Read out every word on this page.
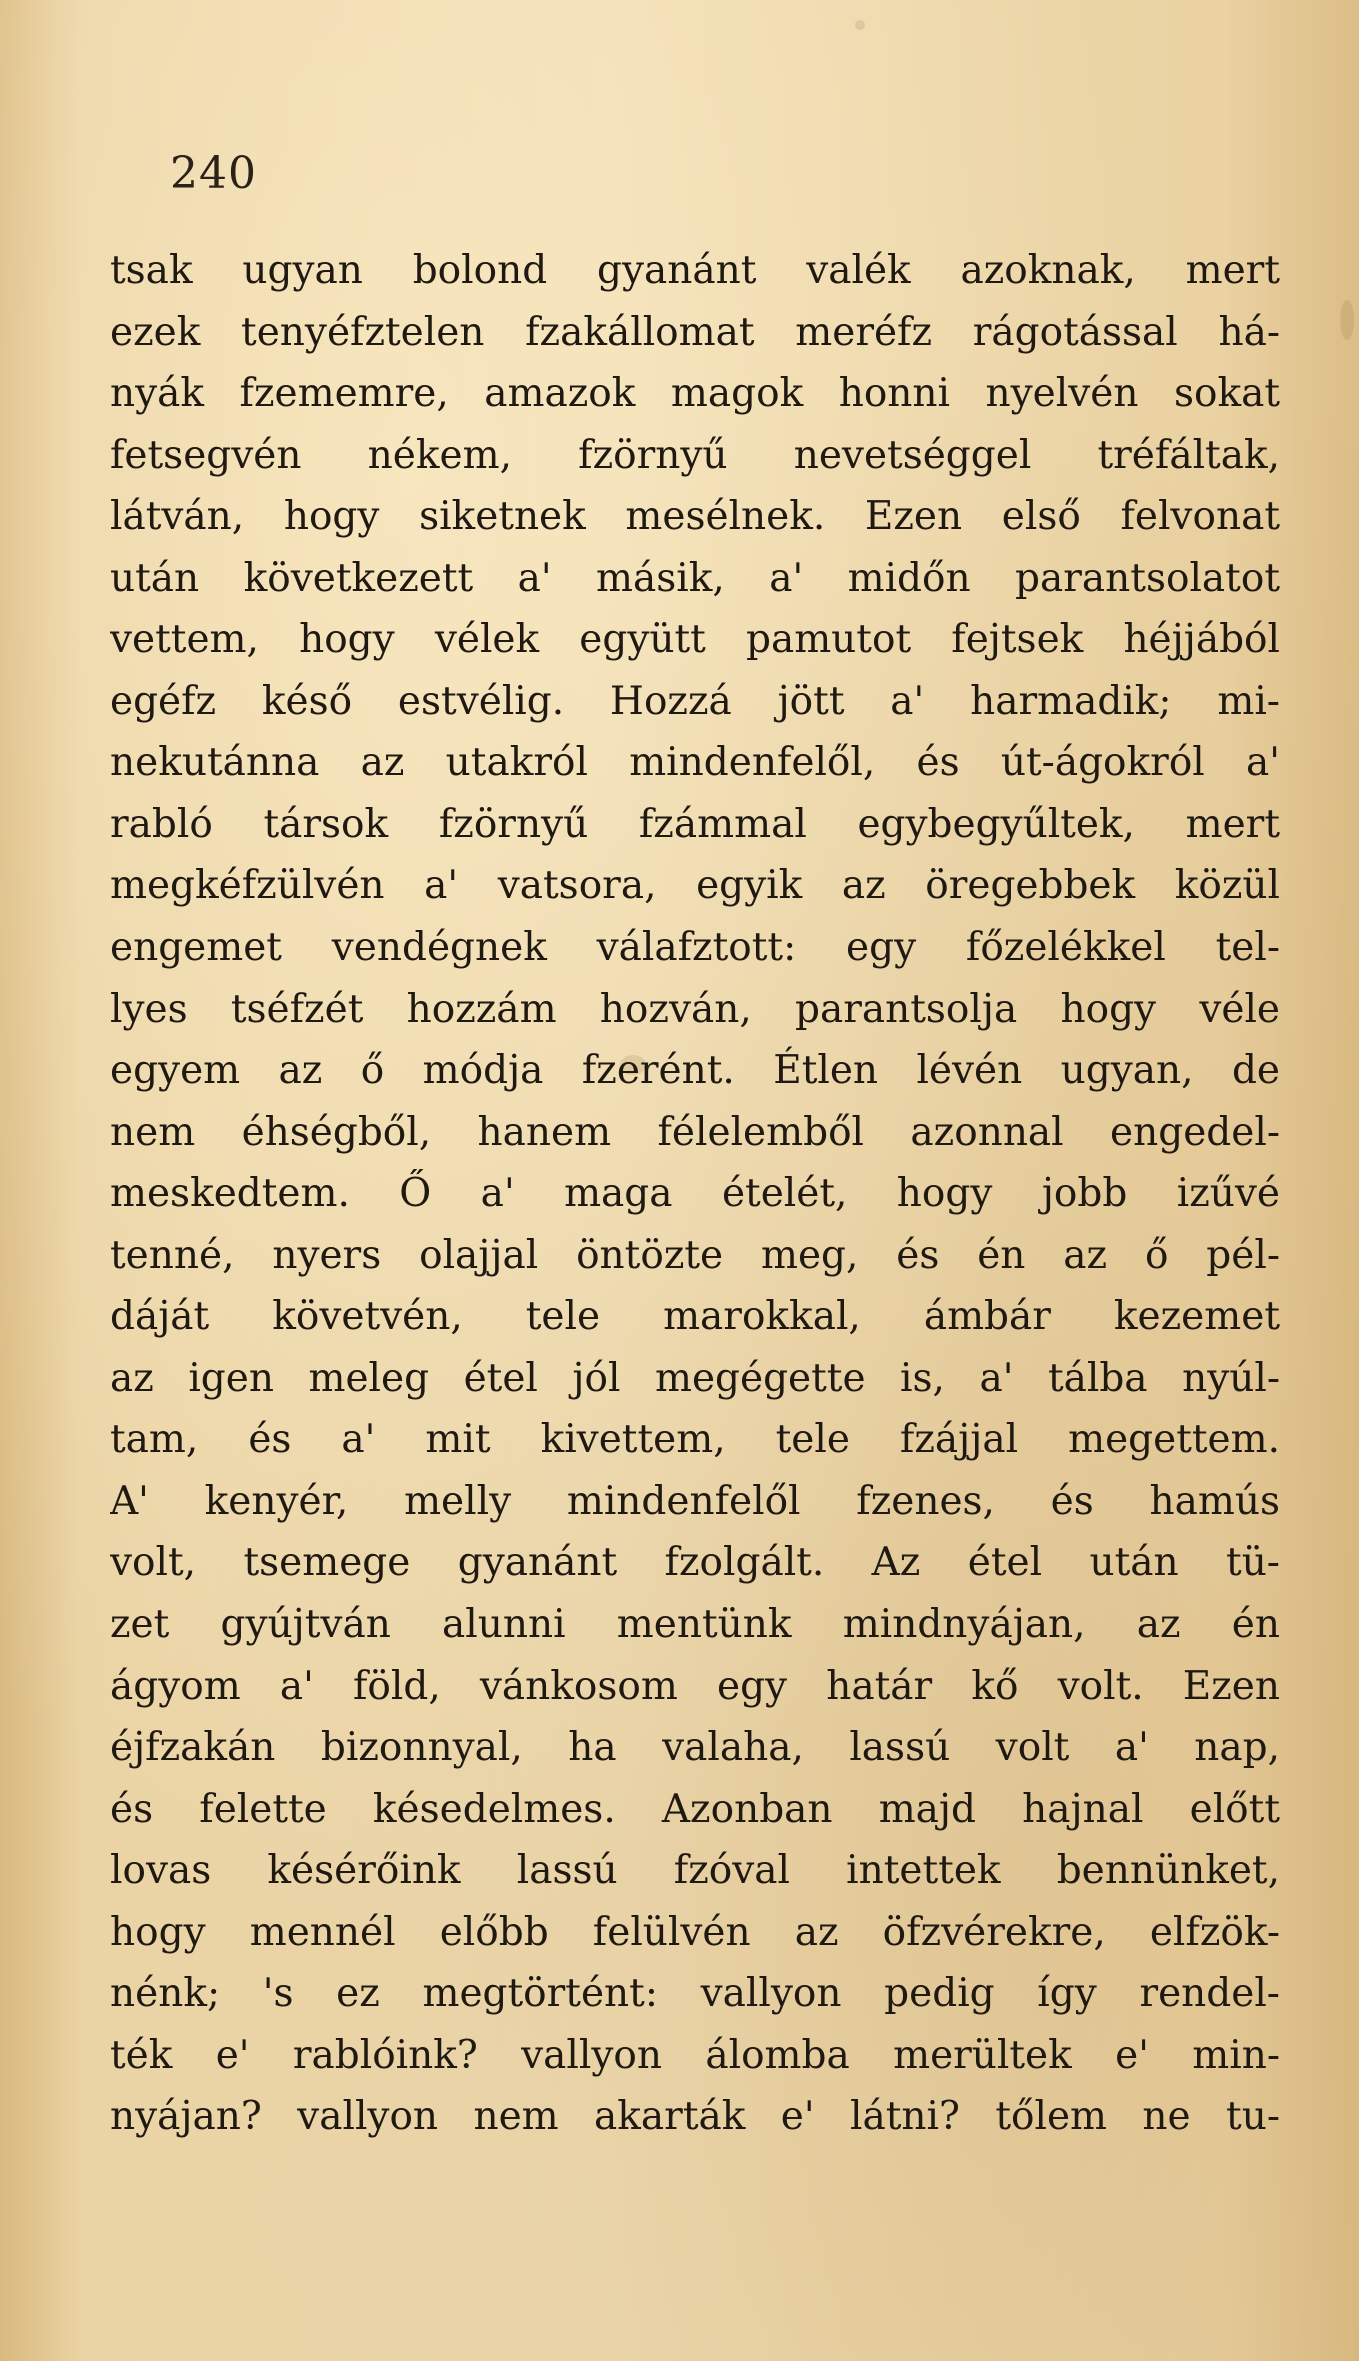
240
tsak ugyan bolond gyanánt valék azoknak, mert
ezek tenyéfztelen fzakállomat meréfz rágotással há-
nyák fzememre, amazok magok honni nyelvén sokat
fetsegvén nékem, fzörnyű nevetséggel tréfáltak,
látván, hogy siketnek mesélnek. Ezen első felvonat
után következett a' másik, a' midőn parantsolatot
vettem, hogy vélek együtt pamutot fejtsek héjjából
egéfz késő estvélig. Hozzá jött a' harmadik; mi-
nekutánna az utakról mindenfelől, és út-ágokról a'
rabló társok fzörnyű fzámmal egybegyűltek, mert
megkéfzülvén a' vatsora, egyik az öregebbek közül
engemet vendégnek válafztott: egy főzelékkel tel-
lyes tséfzét hozzám hozván, parantsolja hogy véle
egyem az ő módja fzerént. Étlen lévén ugyan, de
nem éhségből, hanem félelemből azonnal engedel-
meskedtem. Ő a' maga ételét, hogy jobb izűvé
tenné, nyers olajjal öntözte meg, és én az ő pél-
dáját követvén, tele marokkal, ámbár kezemet
az igen meleg étel jól megégette is, a' tálba nyúl-
tam, és a' mit kivettem, tele fzájjal megettem.
A' kenyér, melly mindenfelől fzenes, és hamús
volt, tsemege gyanánt fzolgált. Az étel után tü-
zet gyújtván alunni mentünk mindnyájan, az én
ágyom a' föld, vánkosom egy határ kő volt. Ezen
éjfzakán bizonnyal, ha valaha, lassú volt a' nap,
és felette késedelmes. Azonban majd hajnal előtt
lovas késérőink lassú fzóval intettek bennünket,
hogy mennél előbb felülvén az öfzvérekre, elfzök-
nénk; 's ez megtörtént: vallyon pedig így rendel-
ték e' rablóink? vallyon álomba merültek e' min-
nyájan? vallyon nem akarták e' látni? tőlem ne tu-
